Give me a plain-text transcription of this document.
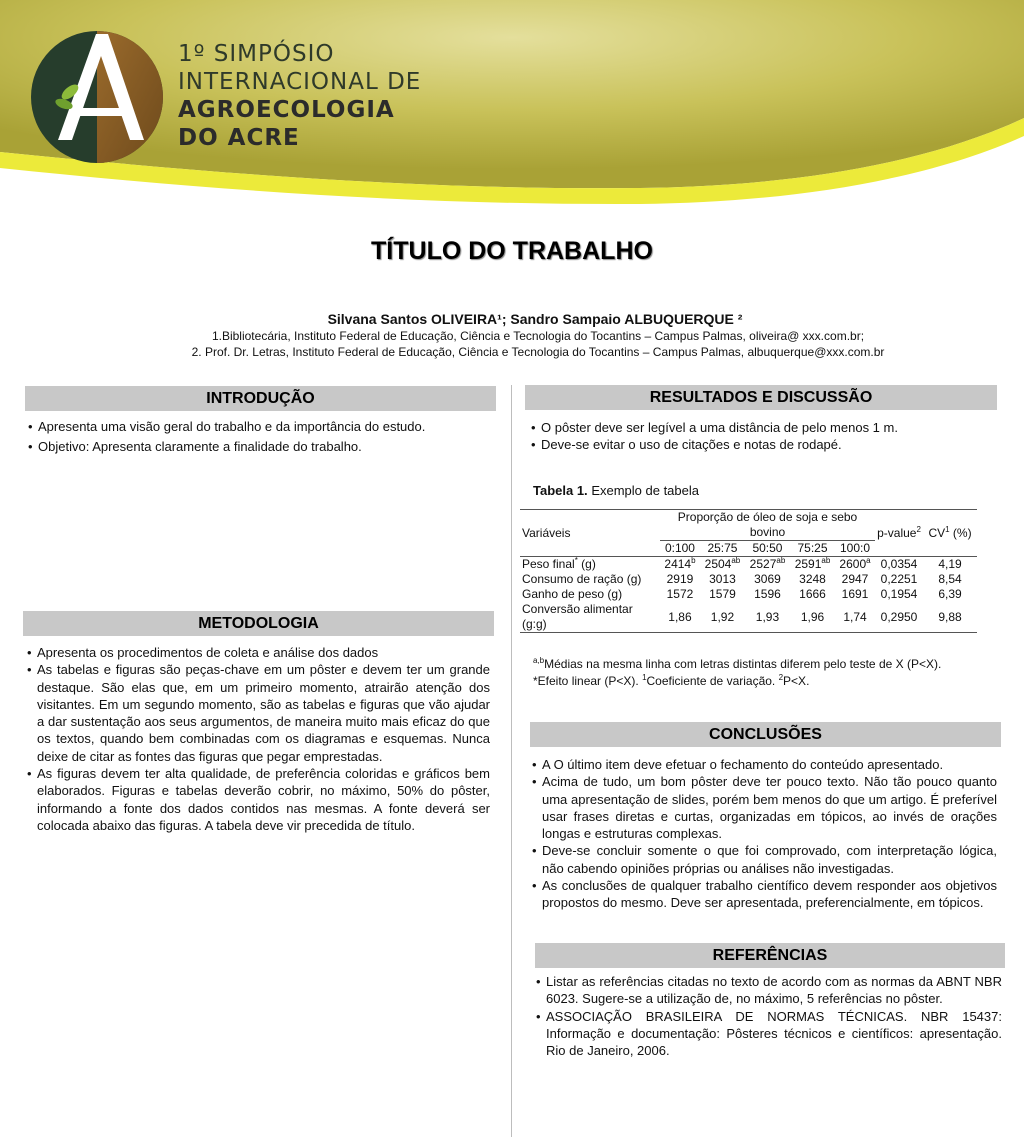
1º SIMPÓSIO
INTERNACIONAL DE
AGROECOLOGIA
DO ACRE
TÍTULO DO TRABALHO
Silvana Santos OLIVEIRA¹; Sandro Sampaio ALBUQUERQUE ²
1.Bibliotecária, Instituto Federal de Educação, Ciência e Tecnologia do Tocantins – Campus Palmas, oliveira@ xxx.com.br;
2. Prof. Dr. Letras, Instituto Federal de Educação, Ciência e Tecnologia do Tocantins – Campus Palmas, albuquerque@xxx.com.br
INTRODUÇÃO
• Apresenta uma visão geral do trabalho e da importância do estudo.
• Objetivo: Apresenta claramente a finalidade do trabalho.
METODOLOGIA
• Apresenta os procedimentos de coleta e análise dos dados
• As tabelas e figuras são peças-chave em um pôster e devem ter um grande destaque. São elas que, em um primeiro momento, atrairão atenção dos visitantes. Em um segundo momento, são as tabelas e figuras que vão ajudar a dar sustentação aos seus argumentos, de maneira muito mais eficaz do que os textos, quando bem combinadas com os diagramas e esquemas. Nunca deixe de citar as fontes das figuras que pegar emprestadas.
• As figuras devem ter alta qualidade, de preferência coloridas e gráficos bem elaborados. Figuras e tabelas deverão cobrir, no máximo, 50% do pôster, informando a fonte dos dados contidos nas mesmas. A fonte deverá ser colocada abaixo das figuras. A tabela deve vir precedida de título.
RESULTADOS E DISCUSSÃO
• O pôster deve ser legível a uma distância de pelo menos 1 m.
• Deve-se evitar o uso de citações e notas de rodapé.
Tabela 1. Exemplo de tabela
Variáveis	Proporção de óleo de soja e sebo bovino					p-value$^2$	$CV^1$ (%)
	0:100	25:75	50:50	75:25	100:0		
Peso final* (g)	2414$^b$	$2504^{ab}$	$2527^{ab}$	$2591^{ab}$	2600$^a$	0,0354	4,19
Consumo de ração (g)	2919	3013	3069	3248	2947	0,2251	8,54
Ganho de peso (g)	1572	1579	1596	1666	1691	0,1954	6,39
Conversão alimentar (g:g)	1,86	1,92	1,93	1,96	1,74	0,2950	9,88
$^{a,b}$Médias na mesma linha com letras distintas diferem pelo teste de X (P<X).
*Efeito linear (P<X). $^1$Coeficiente de variação. $^2$P<X.
CONCLUSÕES
• A O último item deve efetuar o fechamento do conteúdo apresentado.
• Acima de tudo, um bom pôster deve ter pouco texto. Não tão pouco quanto uma apresentação de slides, porém bem menos do que um artigo. É preferível usar frases diretas e curtas, organizadas em tópicos, ao invés de orações longas e estruturas complexas.
• Deve-se concluir somente o que foi comprovado, com interpretação lógica, não cabendo opiniões próprias ou análises não investigadas.
• As conclusões de qualquer trabalho científico devem responder aos objetivos propostos do mesmo. Deve ser apresentada, preferencialmente, em tópicos.
REFERÊNCIAS
• Listar as referências citadas no texto de acordo com as normas da ABNT NBR 6023. Sugere-se a utilização de, no máximo, 5 referências no pôster.
• ASSOCIAÇÃO BRASILEIRA DE NORMAS TÉCNICAS. NBR 15437: Informação e documentação: Pôsteres técnicos e científicos: apresentação. Rio de Janeiro, 2006.
